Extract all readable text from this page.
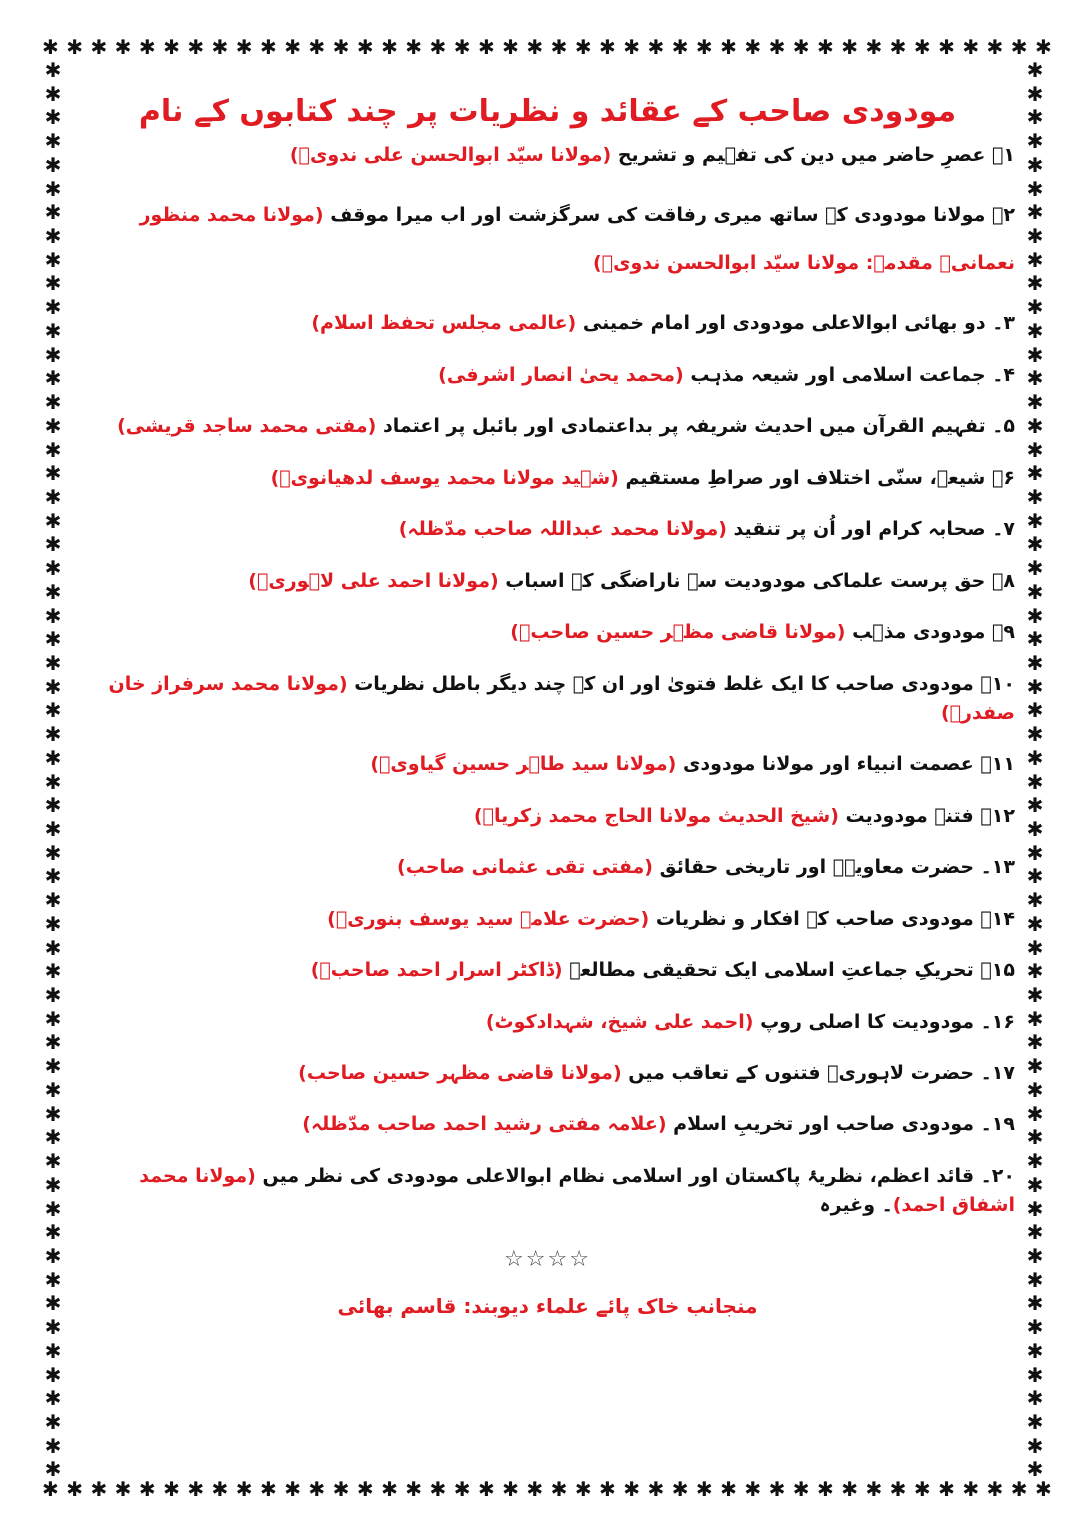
✱ ✱ ✱ ✱ ✱ ✱ ✱ ✱ ✱ ✱ ✱ ✱ ✱ ✱ ✱ ✱ ✱ ✱ ✱ ✱ ✱ ✱ ✱ ✱ ✱ ✱ ✱ ✱ ✱ ✱ ✱ ✱ ✱ ✱ ✱ ✱ ✱ ✱ ✱ ✱ ✱ ✱
✱ ✱ ✱ ✱ ✱ ✱ ✱ ✱ ✱ ✱ ✱ ✱ ✱ ✱ ✱ ✱ ✱ ✱ ✱ ✱ ✱ ✱ ✱ ✱ ✱ ✱ ✱ ✱ ✱ ✱ ✱ ✱ ✱ ✱ ✱ ✱ ✱ ✱ ✱ ✱ ✱ ✱
✱
✱
✱
✱
✱
✱
✱
✱
✱
✱
✱
✱
✱
✱
✱
✱
✱
✱
✱
✱
✱
✱
✱
✱
✱
✱
✱
✱
✱
✱
✱
✱
✱
✱
✱
✱
✱
✱
✱
✱
✱
✱
✱
✱
✱
✱
✱
✱
✱
✱
✱
✱
✱
✱
✱
✱
✱
✱
✱
✱
✱
✱
✱
✱
✱
✱
✱
✱
✱
✱
✱
✱
✱
✱
✱
✱
✱
✱
✱
✱
✱
✱
✱
✱
✱
✱
✱
✱
✱
✱
✱
✱
✱
✱
✱
✱
✱
✱
✱
✱
✱
✱
✱
✱
✱
✱
✱
✱
✱
✱
✱
✱
✱
✱
✱
✱
✱
✱
✱
✱
مودودی صاحب کے عقائد و نظریات پر چند کتابوں کے نام
۱۔ عصرِ حاضر میں دین کی تفہیم و تشریح (مولانا سیّد ابوالحسن علی ندویؒ)
۲۔ مولانا مودودی کے ساتھ میری رفاقت کی سرگزشت اور اب میرا موقف (مولانا محمد منظور نعمانیؒ مقدمہ: مولانا سیّد ابوالحسن ندویؒ)
۳۔ دو بھائی ابوالاعلی مودودی اور امام خمینی (عالمی مجلس تحفظ اسلام)
۴۔ جماعت اسلامی اور شیعہ مذہب (محمد یحیٰ انصار اشرفی)
۵۔ تفہیم القرآن میں احدیث شریفہ پر بداعتمادی اور بائبل پر اعتماد (مفتی محمد ساجد قریشی)
۶۔ شیعہ، سنّی اختلاف اور صراطِ مستقیم (شہید مولانا محمد یوسف لدھیانویؒ)
۷۔ صحابہ کرام اور اُن پر تنقید (مولانا محمد عبداللہ صاحب مدّظلہ)
۸۔ حق پرست علماکی مودودیت سے ناراضگی کے اسباب (مولانا احمد علی لاہوریؒ)
۹۔ مودودی مذہب (مولانا قاضی مظہر حسین صاحبؒ)
۱۰۔ مودودی صاحب کا ایک غلط فتویٰ اور ان کے چند دیگر باطل نظریات (مولانا محمد سرفراز خان صفدرؒ)
۱۱۔ عصمت انبیاء اور مولانا مودودی (مولانا سید طاہر حسین گیاویؒ)
۱۲۔ فتنہ مودودیت (شیخ الحدیث مولانا الحاج محمد زکریاؒ)
۱۳۔ حضرت معاویہؓ اور تاریخی حقائق (مفتی تقی عثمانی صاحب)
۱۴۔ مودودی صاحب کے افکار و نظریات (حضرت علامہ سید یوسف بنوریؒ)
۱۵۔ تحریکِ جماعتِ اسلامی ایک تحقیقی مطالعہ (ڈاکٹر اسرار احمد صاحبؒ)
۱۶۔ مودودیت کا اصلی روپ (احمد علی شیخ، شہدادکوٹ)
۱۷۔ حضرت لاہوریؒ فتنوں کے تعاقب میں (مولانا قاضی مظہر حسین صاحب)
۱۹۔ مودودی صاحب اور تخریبِ اسلام (علامہ مفتی رشید احمد صاحب مدّظلہ)
۲۰۔ قائد اعظم، نظریۂ پاکستان اور اسلامی نظام ابوالاعلی مودودی کی نظر میں (مولانا محمد اشفاق احمد)۔ وغیرہ
☆☆☆☆
منجانب خاک پائے علماء دیوبند: قاسم بھائی
